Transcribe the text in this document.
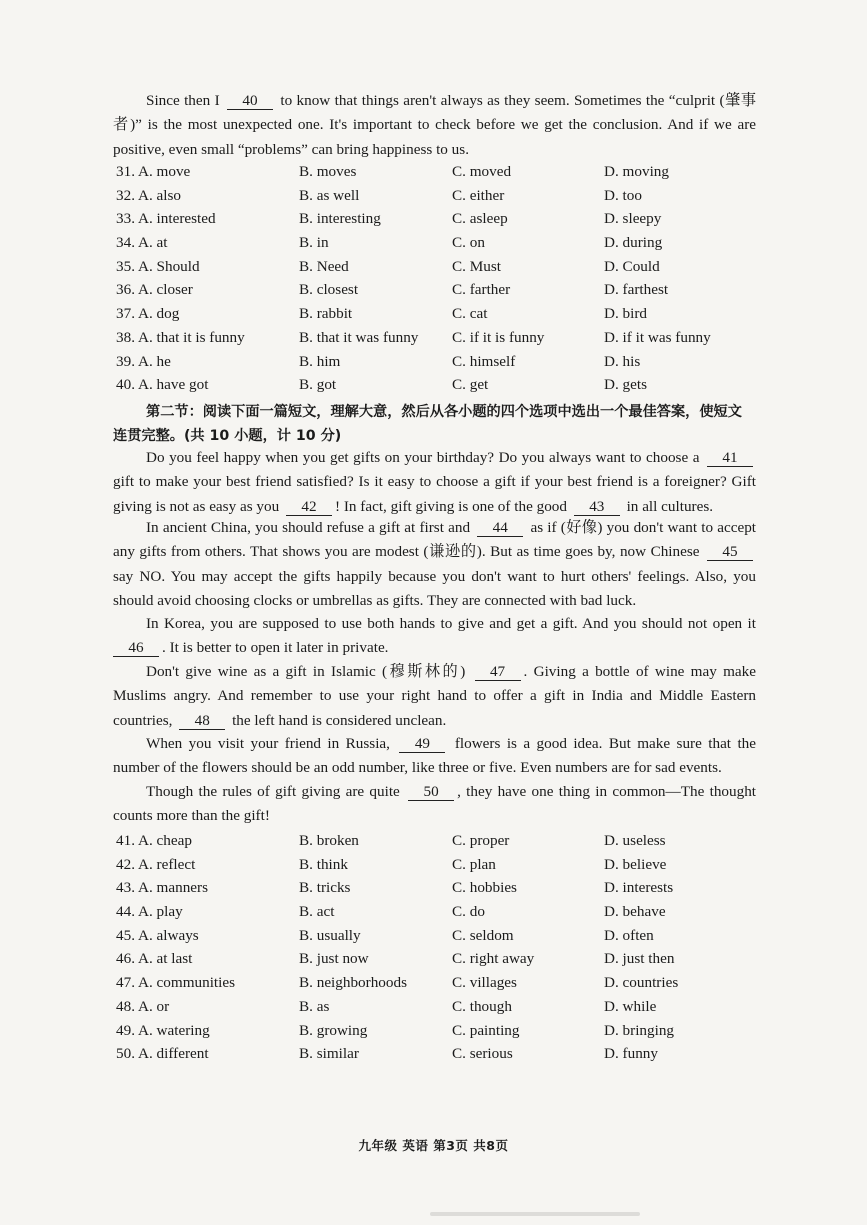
Since then I 40 to know that things aren't always as they seem. Sometimes the “culprit (肇事者)” is the most unexpected one. It's important to check before we get the conclusion. And if we are positive, even small “problems” can bring happiness to us.
31. A. move	B. moves	C. moved	D. moving
32. A. also	B. as well	C. either	D. too
33. A. interested	B. interesting	C. asleep	D. sleepy
34. A. at	B. in	C. on	D. during
35. A. Should	B. Need	C. Must	D. Could
36. A. closer	B. closest	C. farther	D. farthest
37. A. dog	B. rabbit	C. cat	D. bird
38. A. that it is funny	B. that it was funny C. if it is funny	D. if it was funny
39. A. he	B. him	C. himself	D. his
40. A. have got	B. got	C. get	D. gets
第二节：阅读下面一篇短文，理解大意，然后从各小题的四个选项中选出一个最佳答案，使短文连贯完整。(共 10 小题，计 10 分)
Do you feel happy when you get gifts on your birthday? Do you always want to choose a 41 gift to make your best friend satisfied? Is it easy to choose a gift if your best friend is a foreigner? Gift giving is not as easy as you 42 ! In fact, gift giving is one of the good 43 in all cultures.
In ancient China, you should refuse a gift at first and 44 as if (好像) you don't want to accept any gifts from others. That shows you are modest (谦逊的). But as time goes by, now Chinese 45 say NO. You may accept the gifts happily because you don't want to hurt others' feelings. Also, you should avoid choosing clocks or umbrellas as gifts. They are connected with bad luck.
In Korea, you are supposed to use both hands to give and get a gift. And you should not open it 46 . It is better to open it later in private.
Don't give wine as a gift in Islamic (穆斯林的) 47 . Giving a bottle of wine may make Muslims angry. And remember to use your right hand to offer a gift in India and Middle Eastern countries, 48 the left hand is considered unclean.
When you visit your friend in Russia, 49 flowers is a good idea. But make sure that the number of the flowers should be an odd number, like three or five. Even numbers are for sad events.
Though the rules of gift giving are quite 50 , they have one thing in common—The thought counts more than the gift!
41. A. cheap	B. broken	C. proper	D. useless
42. A. reflect	B. think	C. plan	D. believe
43. A. manners	B. tricks	C. hobbies	D. interests
44. A. play	B. act	C. do	D. behave
45. A. always	B. usually	C. seldom	D. often
46. A. at last	B. just now	C. right away	D. just then
47. A. communities	B. neighborhoods	C. villages	D. countries
48. A. or	B. as	C. though	D. while
49. A. watering	B. growing	C. painting	D. bringing
50. A. different	B. similar	C. serious	D. funny
九年级 英语 第3页 共8页
